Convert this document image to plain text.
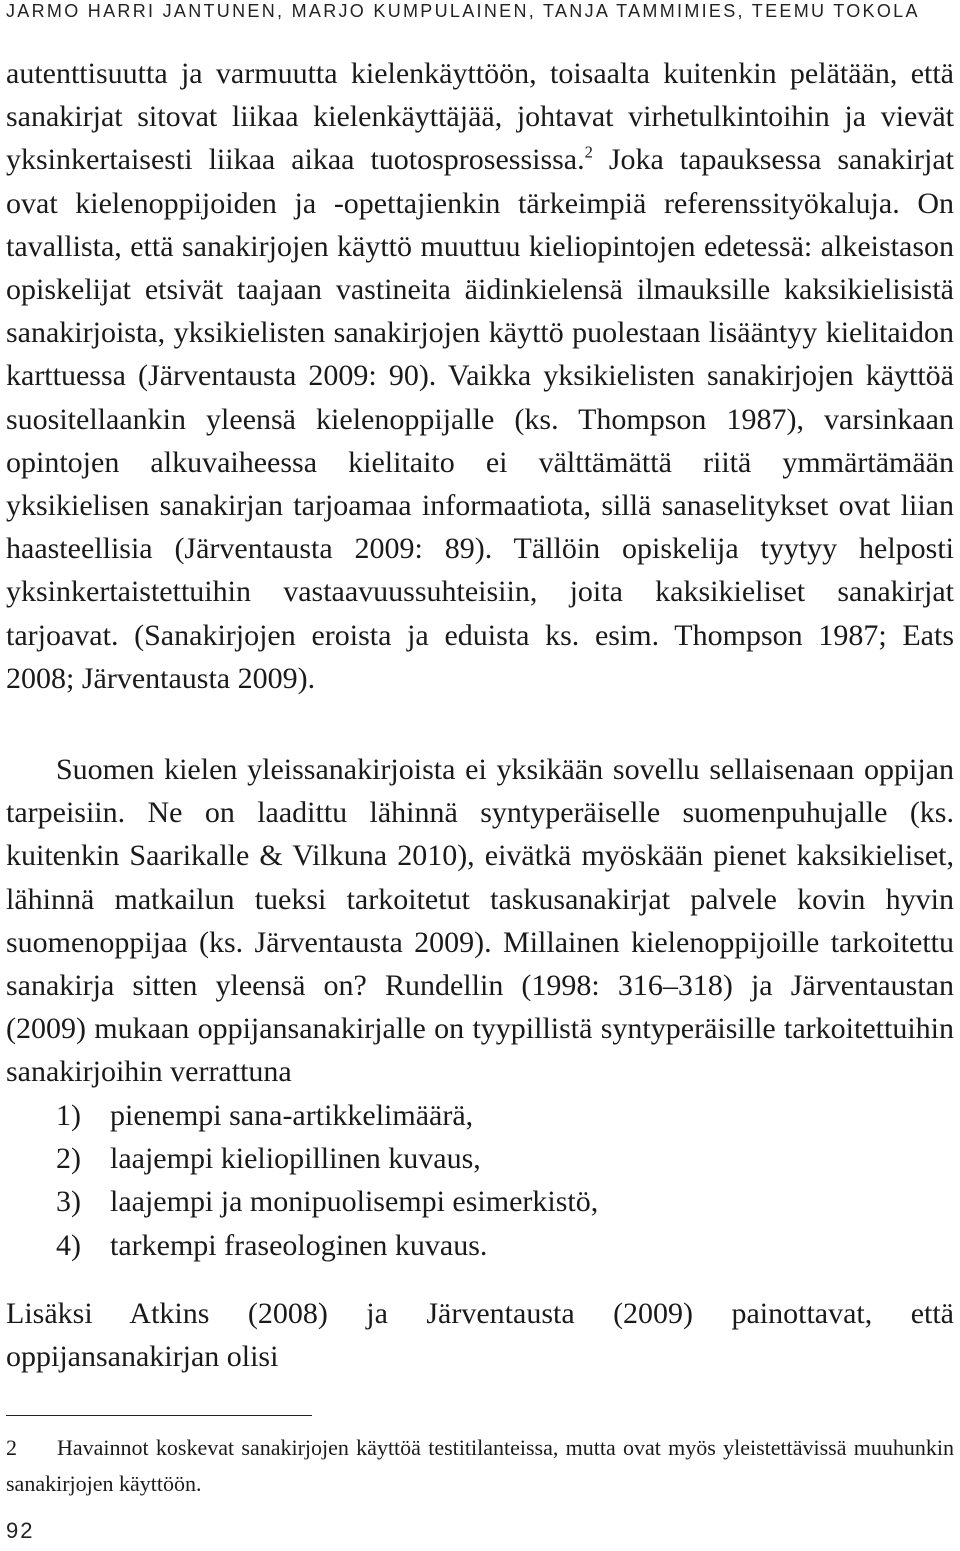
JARMO HARRI JANTUNEN, MARJO KUMPULAINEN, TANJA TAMMIMIES, TEEMU TOKOLA

autenttisuutta ja varmuutta kielenkäyttöön, toisaalta kuitenkin pelätään, että sanakirjat sitovat liikaa kielenkäyttäjää, johtavat virhetulkintoihin ja vievät yksinkertaisesti liikaa aikaa tuotosprosessissa.$^2$ Joka tapauksessa sanakirjat ovat kielenoppijoiden ja -opettajienkin tärkeimpiä referenssityökaluja. On tavallista, että sanakirjojen käyttö muuttuu kieliopintojen edetessä: alkeistason opiskelijat etsivät taajaan vastineita äidinkielensä ilmauksille kaksikielisistä sanakirjoista, yksikielisten sanakirjojen käyttö puolestaan lisääntyy kielitaidon karttuessa (Järventausta 2009: 90). Vaikka yksikielisten sanakirjojen käyttöä suositellaankin yleensä kielenoppijalle (ks. Thompson 1987), varsinkaan opintojen alkuvaiheessa kielitaito ei välttämättä riitä ymmärtämään yksikielisen sanakirjan tarjoamaa informaatiota, sillä sanaselitykset ovat liian haasteellisia (Järventausta 2009: 89). Tällöin opiskelija tyytyy helposti yksinkertaistettuihin vastaavuussuhteisiin, joita kaksikieliset sanakirjat tarjoavat. (Sanakirjojen eroista ja eduista ks. esim. Thompson 1987; Eats 2008; Järventausta 2009).

Suomen kielen yleissanakirjoista ei yksikään sovellu sellaisenaan oppijan tarpeisiin. Ne on laadittu lähinnä syntyperäiselle suomenpuhujalle (ks. kuitenkin Saarikalle & Vilkuna 2010), eivätkä myöskään pienet kaksikieliset, lähinnä matkailun tueksi tarkoitetut taskusanakirjat palvele kovin hyvin suomenoppijaa (ks. Järventausta 2009). Millainen kielenoppijoille tarkoitettu sanakirja sitten yleensä on? Rundellin (1998: 316–318) ja Järventaustan (2009) mukaan oppijansanakirjalle on tyypillistä syntyperäisille tarkoitettuihin sanakirjoihin verrattuna

1) pienempi sana-artikkelimäärä,
2) laajempi kieliopillinen kuvaus,
3) laajempi ja monipuolisempi esimerkistö,
4) tarkempi fraseologinen kuvaus.

Lisäksi Atkins (2008) ja Järventausta (2009) painottavat, että oppijansanakirjan olisi

2 Havainnot koskevat sanakirjojen käyttöä testitilanteissa, mutta ovat myös yleistettävissä muuhunkin sanakirjojen käyttöön.

92
